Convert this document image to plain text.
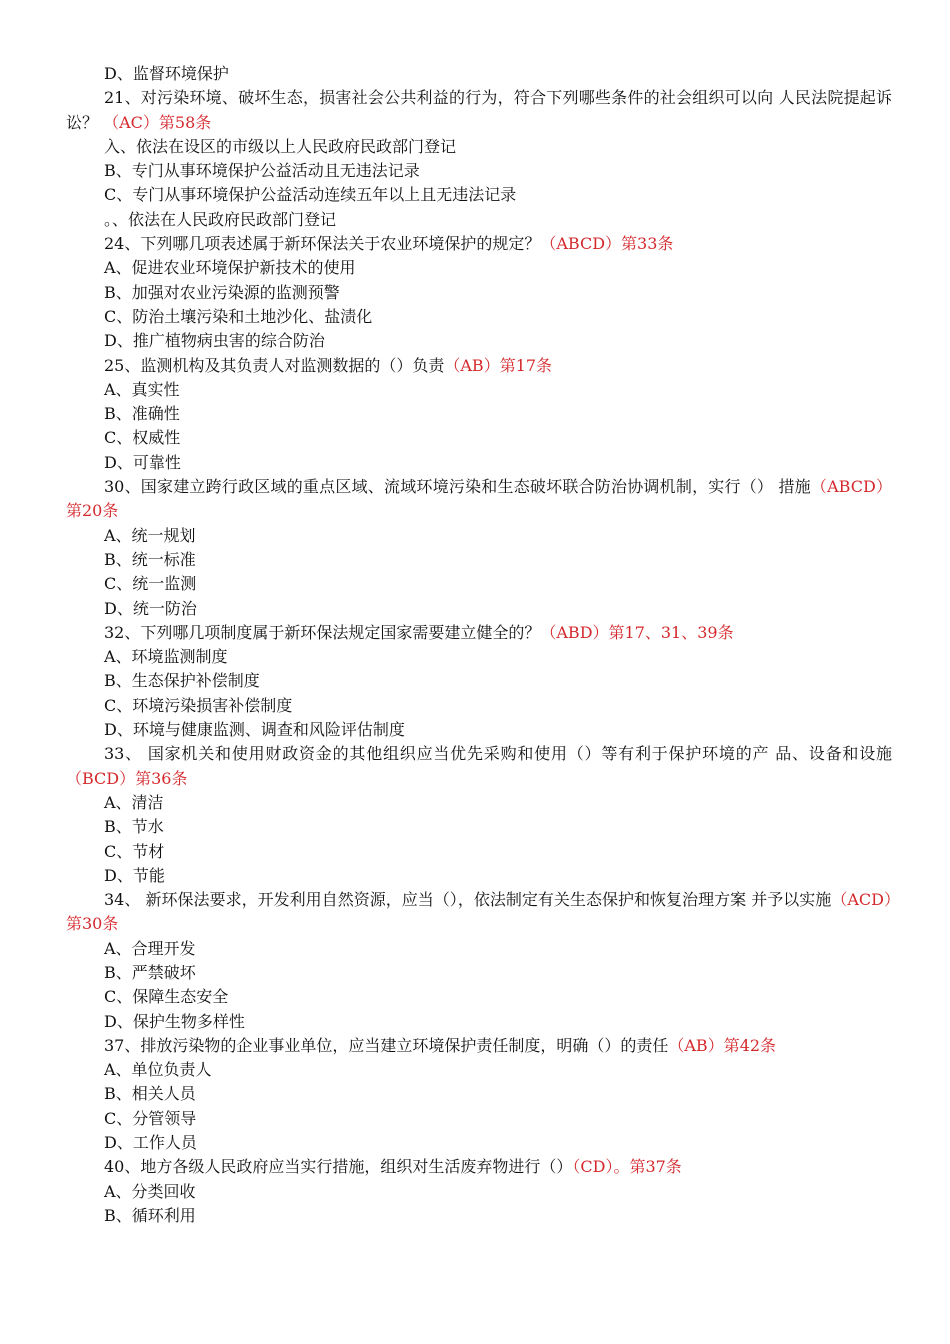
D、监督环境保护
21、对污染环境、破坏生态，损害社会公共利益的行为，符合下列哪些条件的社会组织可以向 人民法院提起诉讼？ （AC）第58条
入、依法在设区的市级以上人民政府民政部门登记
B、专门从事环境保护公益活动且无违法记录
C、专门从事环境保护公益活动连续五年以上且无违法记录
。、依法在人民政府民政部门登记
24、下列哪几项表述属于新环保法关于农业环境保护的规定？（ABCD）第33条
A、促进农业环境保护新技术的使用
B、加强对农业污染源的监测预警
C、防治土壤污染和土地沙化、盐渍化
D、推广植物病虫害的综合防治
25、监测机构及其负责人对监测数据的（）负责（AB）第17条
A、真实性
B、准确性
C、权威性
D、可靠性
30、国家建立跨行政区域的重点区域、流域环境污染和生态破坏联合防治协调机制，实行（） 措施（ABCD）第20条
A、统一规划
B、统一标准
C、统一监测
D、统一防治
32、下列哪几项制度属于新环保法规定国家需要建立健全的？（ABD）第17、31、39条
A、环境监测制度
B、生态保护补偿制度
C、环境污染损害补偿制度
D、环境与健康监测、调查和风险评估制度
33、 国家机关和使用财政资金的其他组织应当优先采购和使用（）等有利于保护环境的产 品、设备和设施（BCD）第36条
A、清洁
B、节水
C、节材
D、节能
34、 新环保法要求，开发利用自然资源，应当（），依法制定有关生态保护和恢复治理方案 并予以实施（ACD）第30条
A、合理开发
B、严禁破坏
C、保障生态安全
D、保护生物多样性
37、排放污染物的企业事业单位，应当建立环境保护责任制度，明确（）的责任（AB）第42条
A、单位负责人
B、相关人员
C、分管领导
D、工作人员
40、地方各级人民政府应当实行措施，组织对生活废弃物进行（）（CD）。第37条
A、分类回收
B、循环利用
